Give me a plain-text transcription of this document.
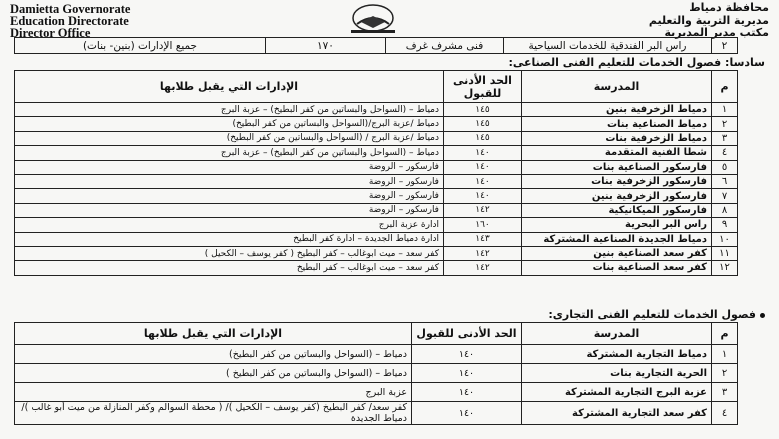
Damietta Governorate
Education Directorate
Director Office
محافظة دمياط
مديرية التربية والتعليم
مكتب مدير المديرية
٢	راس البر الفندقية للخدمات السياحية	فنى مشرف غرف	١٧٠	جميع الإدارات (بنين- بنات)
سادسا: فصول الخدمات للتعليم الفنى الصناعى:
م	المدرسة	الحد الأدنى للقبول	الإدارات التي يقبل طلابها
١	دمياط الزخرفية بنين	١٤٥	دمياط – (السواحل والبساتين من كفر البطيخ) – عزبة البرج
٢	دمياط الصناعية بنات	١٤٥	دمياط /عزبة البرج/(السواحل والبساتين من كفر البطيخ)
٣	دمياط الزخرفية بنات	١٤٥	دمياط /عزبة البرج / (السواحل والبساتين من كفر البطيخ)
٤	شطا الفنية المتقدمة	١٤٠	دمياط – (السواحل والبساتين من كفر البطيخ) – عزبة البرج
٥	فارسكور الصناعية بنات	١٤٠	فارسكور – الروضة
٦	فارسكور الزخرفية بنات	١٤٠	فارسكور – الروضة
٧	فارسكور الزخرفية بنين	١٤٠	فارسكور – الروضة
٨	فارسكور الميكانيكية	١٤٢	فارسكور – الروضة
٩	راس البر البحرية	١٦٠	ادارة عزبة البرج
١٠	دمياط الجديدة الصناعية المشتركة	١٤٣	ادارة دمياط الجديدة – ادارة كفر البطيخ
١١	كفر سعد الصناعية بنين	١٤٢	كفر سعد – ميت ابوغالب – كفر البطيخ ( كفر يوسف – الكحيل )
١٢	كفر سعد الصناعية بنات	١٤٢	كفر سعد – ميت ابوغالب – كفر البطيخ
فصول الخدمات للتعليم الفنى التجارى:
م	المدرسة	الحد الأدنى للقبول	الإدارات التي يقبل طلابها
١	دمياط التجارية المشتركة	١٤٠	دمياط – (السواحل والبساتين من كفر البطيخ)
٢	الحرية التجارية بنات	١٤٠	دمياط – (السواحل والبساتين من كفر البطيخ )
٣	عزبة البرج التجارية المشتركة	١٤٠	عزبة البرج
٤	كفر سعد التجارية المشتركة	١٤٠	كفر سعد/ كفر البطيخ (كفر يوسف – الكحيل )/ ( محطة السوالم وكفر المنازلة من ميت أبو غالب )/ دمياط الجديدة
